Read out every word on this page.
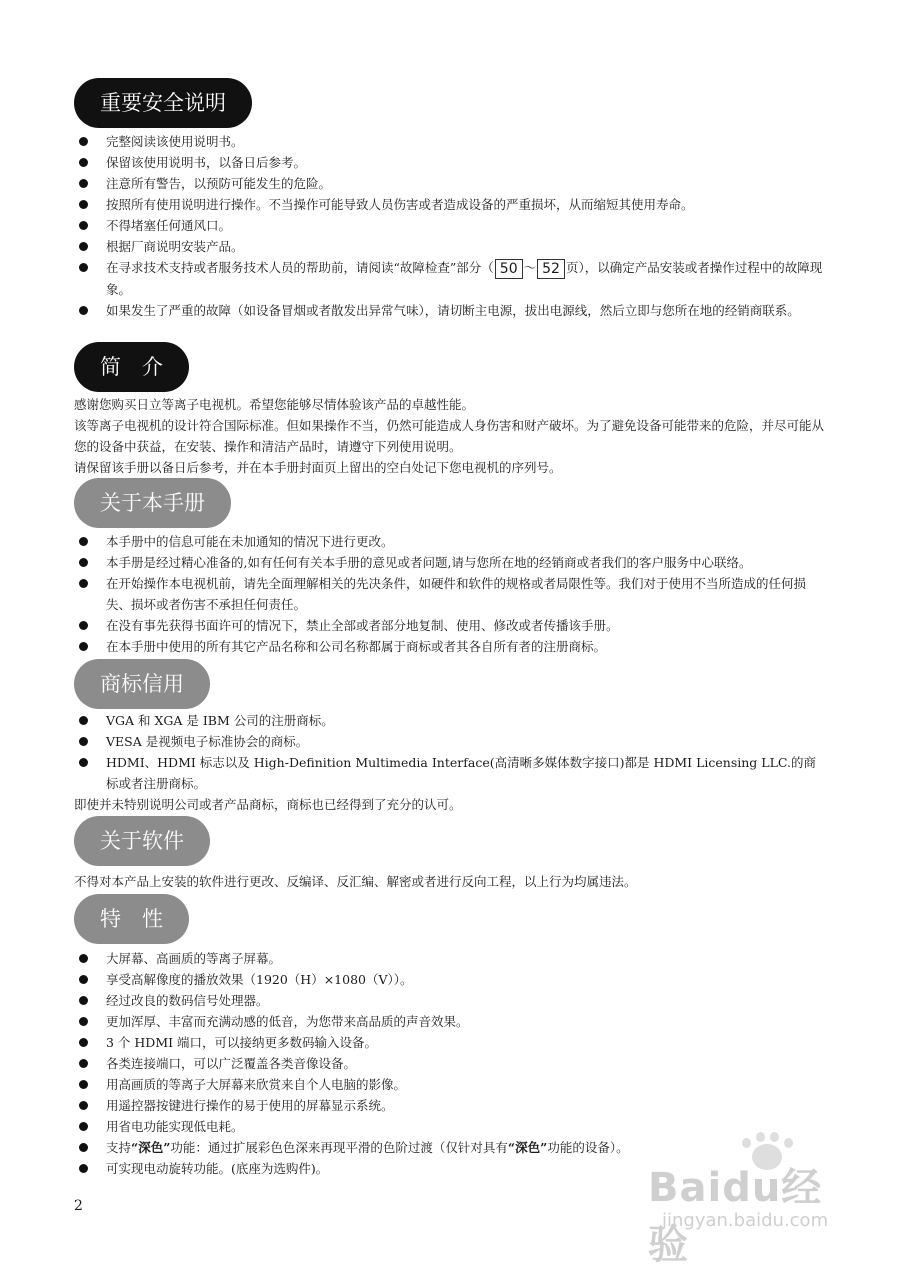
重要安全说明
完整阅读该使用说明书。
保留该使用说明书，以备日后参考。
注意所有警告，以预防可能发生的危险。
按照所有使用说明进行操作。不当操作可能导致人员伤害或者造成设备的严重损坏，从而缩短其使用寿命。
不得堵塞任何通风口。
根据厂商说明安装产品。
在寻求技术支持或者服务技术人员的帮助前，请阅读“故障检查”部分（ 50 ～ 52 页），以确定产品安装或者操作过程中的故障现象。
如果发生了严重的故障（如设备冒烟或者散发出异常气味），请切断主电源，拔出电源线，然后立即与您所在地的经销商联系。
简　介

感谢您购买日立等离子电视机。希望您能够尽情体验该产品的卓越性能。

该等离子电视机的设计符合国际标准。但如果操作不当，仍然可能造成人身伤害和财产破坏。为了避免设备可能带来的危险，并尽可能从您的设备中获益，在安装、操作和清洁产品时，请遵守下列使用说明。

请保留该手册以备日后参考，并在本手册封面页上留出的空白处记下您电视机的序列号。

关于本手册
本手册中的信息可能在未加通知的情况下进行更改。
本手册是经过精心准备的,如有任何有关本手册的意见或者问题,请与您所在地的经销商或者我们的客户服务中心联络。
在开始操作本电视机前，请先全面理解相关的先决条件，如硬件和软件的规格或者局限性等。我们对于使用不当所造成的任何损失、损坏或者伤害不承担任何责任。
在没有事先获得书面许可的情况下，禁止全部或者部分地复制、使用、修改或者传播该手册。
在本手册中使用的所有其它产品名称和公司名称都属于商标或者其各自所有者的注册商标。
商标信用
VGA 和 XGA 是 IBM 公司的注册商标。
VESA 是视频电子标准协会的商标。
HDMI、HDMI 标志以及 High-Definition Multimedia Interface(高清晰多媒体数字接口)都是 HDMI Licensing LLC.的商标或者注册商标。
即使并未特别说明公司或者产品商标，商标也已经得到了充分的认可。
关于软件
不得对本产品上安装的软件进行更改、反编译、反汇编、解密或者进行反向工程，以上行为均属违法。
特　性
大屏幕、高画质的等离子屏幕。
享受高解像度的播放效果（1920（H）×1080（V））。
经过改良的数码信号处理器。
更加浑厚、丰富而充满动感的低音，为您带来高品质的声音效果。
3 个 HDMI 端口，可以接纳更多数码输入设备。
各类连接端口，可以广泛覆盖各类音像设备。
用高画质的等离子大屏幕来欣赏来自个人电脑的影像。
用遥控器按键进行操作的易于使用的屏幕显示系统。
用省电功能实现低电耗。
支持“深色”功能：通过扩展彩色色深来再现平滑的色阶过渡（仅针对具有“深色”功能的设备）。
可实现电动旋转功能。(底座为选购件)。
2	Baidu经验
jingyan.baidu.com
